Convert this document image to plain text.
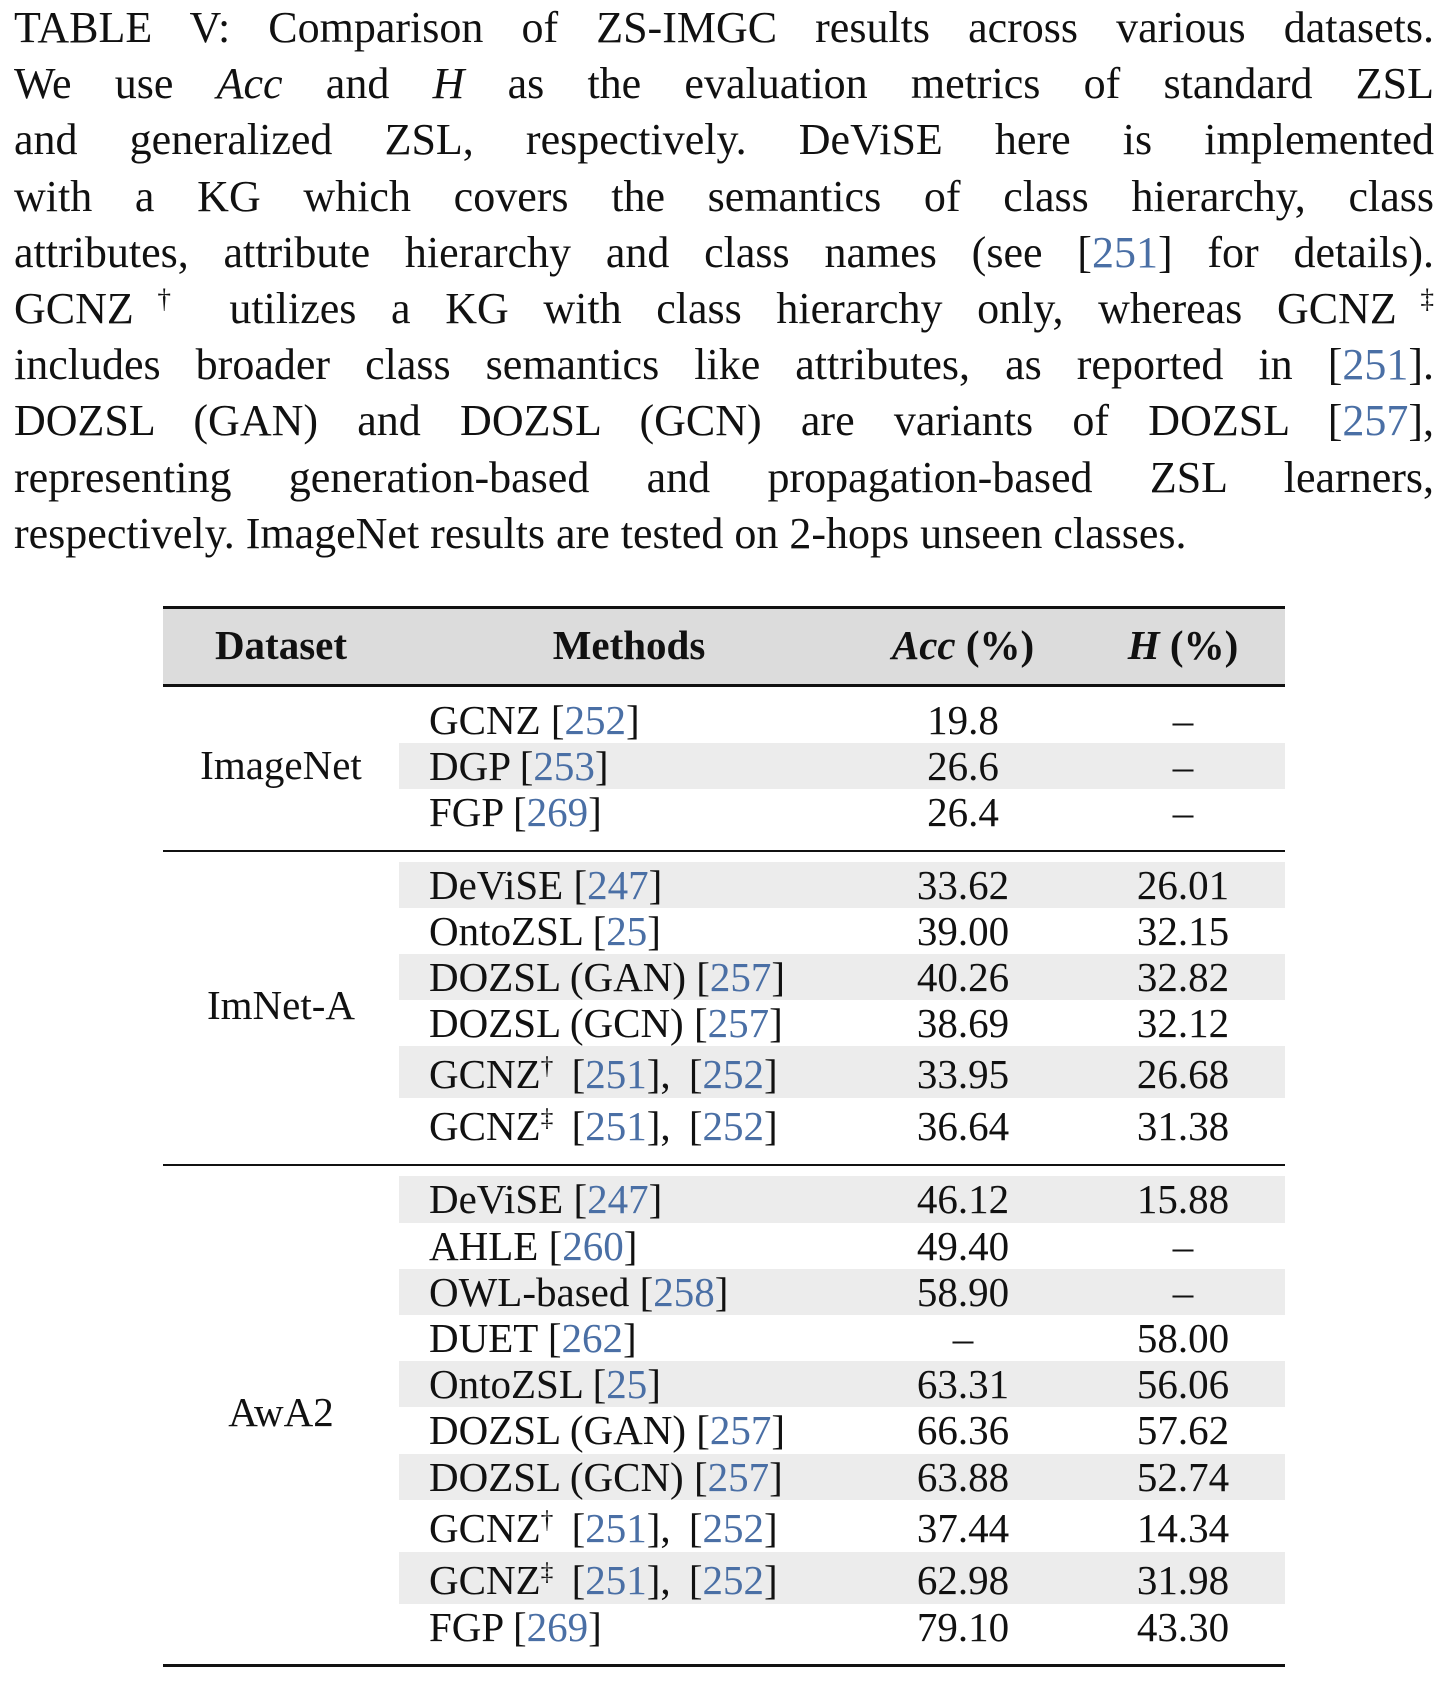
TABLE V: Comparison of ZS-IMGC results across various datasets.
We use Acc and H as the evaluation metrics of standard ZSL
and generalized ZSL, respectively. DeViSE here is implemented
with a KG which covers the semantics of class hierarchy, class
attributes, attribute hierarchy and class names (see [251] for details).
GCNZ† utilizes a KG with class hierarchy only, whereas GCNZ‡
includes broader class semantics like attributes, as reported in [251].
DOZSL (GAN) and DOZSL (GCN) are variants of DOZSL [257],
representing generation-based and propagation-based ZSL learners,
respectively. ImageNet results are tested on 2-hops unseen classes.
Dataset	Methods	Acc (%)	H (%)
ImageNet
GCNZ [252]	19.8	–
DGP [253]	26.6	–
FGP [269]	26.4	–
ImNet-A
DeViSE [247]	33.62	26.01
OntoZSL [25]	39.00	32.15
DOZSL (GAN) [257]	40.26	32.82
DOZSL (GCN) [257]	38.69	32.12
GCNZ† [251], [252]	33.95	26.68
GCNZ‡ [251], [252]	36.64	31.38
AwA2
DeViSE [247]	46.12	15.88
AHLE [260]	49.40	–
OWL-based [258]	58.90	–
DUET [262]	–	58.00
OntoZSL [25]	63.31	56.06
DOZSL (GAN) [257]	66.36	57.62
DOZSL (GCN) [257]	63.88	52.74
GCNZ† [251], [252]	37.44	14.34
GCNZ‡ [251], [252]	62.98	31.98
FGP [269]	79.10	43.30
